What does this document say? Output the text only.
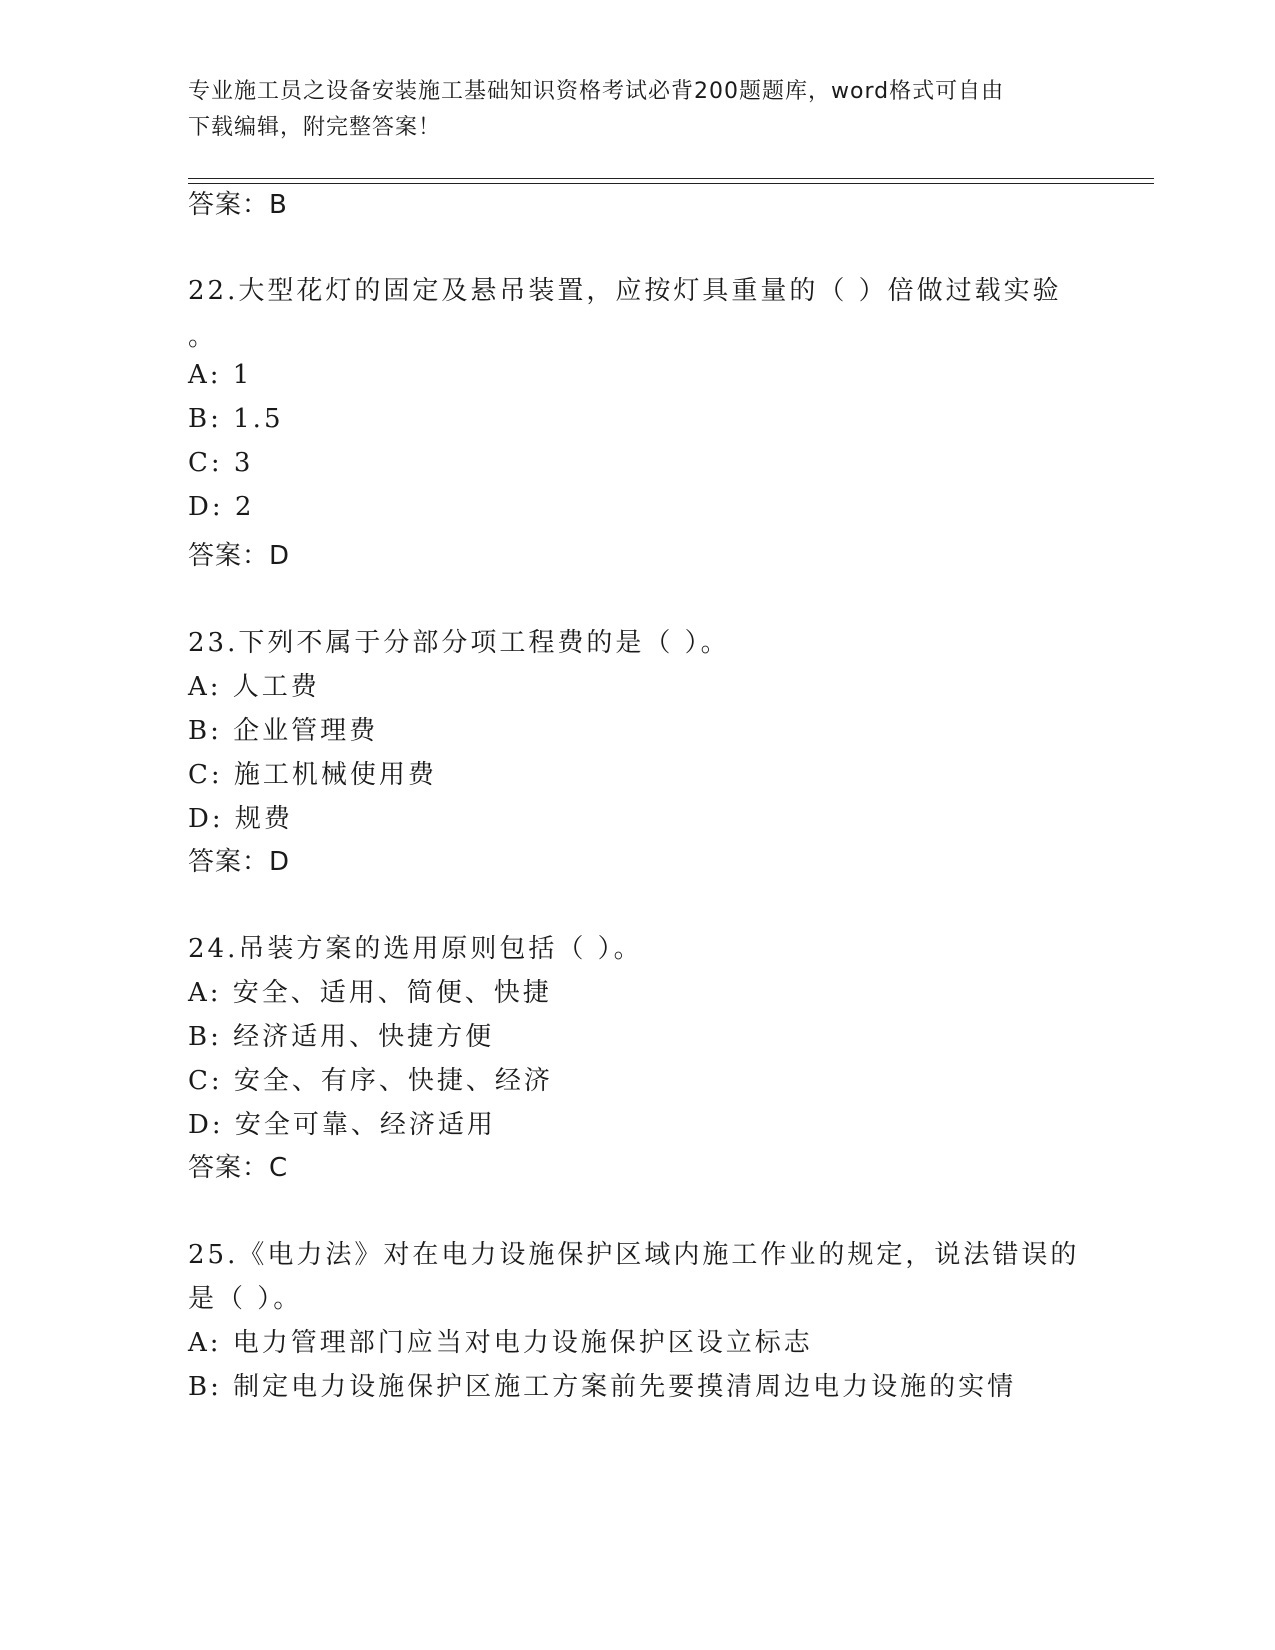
专业施工员之设备安装施工基础知识资格考试必背200题题库，word格式可自由
下载编辑，附完整答案！
答案：B
22.大型花灯的固定及悬吊装置，应按灯具重量的（ ）倍做过载实验
。
A: 1
B: 1.5
C: 3
D: 2
答案：D
23.下列不属于分部分项工程费的是（ ）。
A: 人工费
B: 企业管理费
C: 施工机械使用费
D: 规费
答案：D
24.吊装方案的选用原则包括（ ）。
A: 安全、适用、简便、快捷
B: 经济适用、快捷方便
C: 安全、有序、快捷、经济
D: 安全可靠、经济适用
答案：C
25.《电力法》对在电力设施保护区域内施工作业的规定，说法错误的
是（ ）。
A: 电力管理部门应当对电力设施保护区设立标志
B: 制定电力设施保护区施工方案前先要摸清周边电力设施的实情
